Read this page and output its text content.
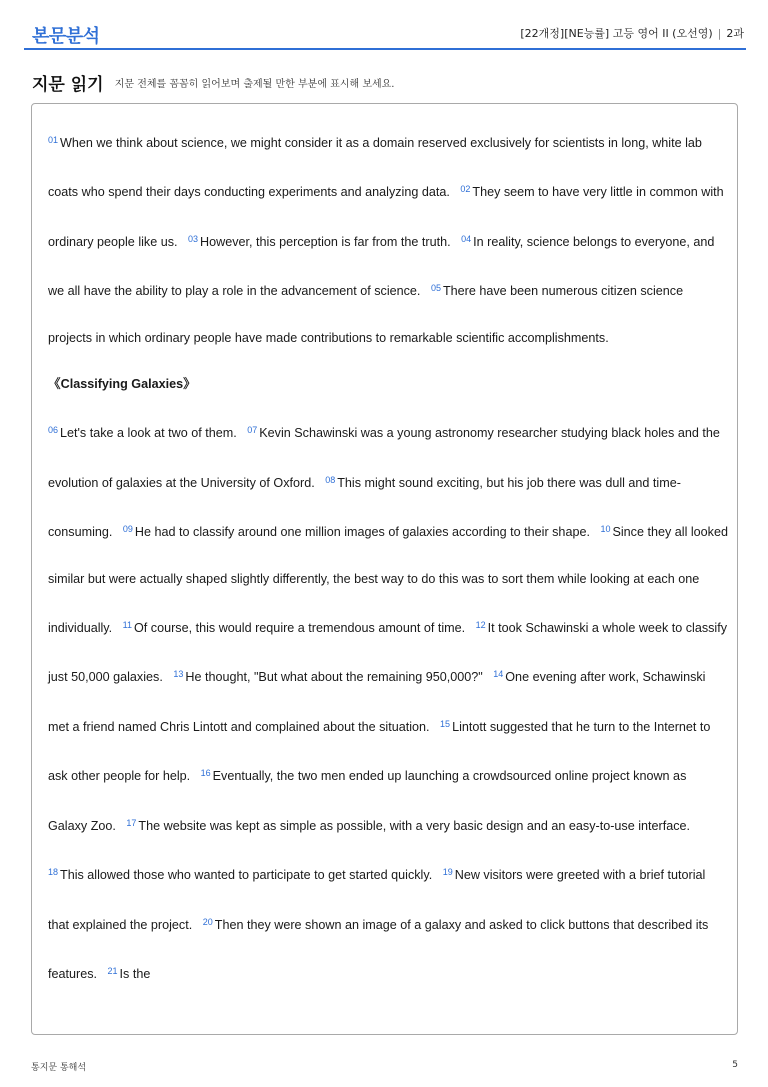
본문분석	[22개정][NE능률] 고등 영어 II (오선영) | 2과
지문 읽기 지문 전체를 꼼꼼히 읽어보며 출제될 만한 부분에 표시해 보세요.
$^{01}$ When we think about science, we might consider it as a domain reserved exclusively for scientists in long, white lab coats who spend their days conducting experiments and analyzing data. $^{02}$ They seem to have very little in common with ordinary people like us. $^{03}$ However, this perception is far from the truth. $^{04}$ In reality, science belongs to everyone, and we all have the ability to play a role in the advancement of science. $^{05}$ There have been numerous citizen science projects in which ordinary people have made contributions to remarkable scientific accomplishments.
《Classifying Galaxies》
$^{06}$ Let's take a look at two of them. $^{07}$ Kevin Schawinski was a young astronomy researcher studying black holes and the evolution of galaxies at the University of Oxford. $^{08}$ This might sound exciting, but his job there was dull and time-consuming. $^{09}$ He had to classify around one million images of galaxies according to their shape. $^{10}$ Since they all looked similar but were actually shaped slightly differently, the best way to do this was to sort them while looking at each one individually. $^{11}$ Of course, this would require a tremendous amount of time. $^{12}$ It took Schawinski a whole week to classify just 50,000 galaxies. $^{13}$ He thought, "But what about the remaining 950,000?" $^{14}$ One evening after work, Schawinski met a friend named Chris Lintott and complained about the situation. $^{15}$ Lintott suggested that he turn to the Internet to ask other people for help. $^{16}$ Eventually, the two men ended up launching a crowdsourced online project known as Galaxy Zoo. $^{17}$ The website was kept as simple as possible, with a very basic design and an easy-to-use interface. $^{18}$ This allowed those who wanted to participate to get started quickly. $^{19}$ New visitors were greeted with a brief tutorial that explained the project. $^{20}$ Then they were shown an image of a galaxy and asked to click buttons that described its features. $^{21}$ Is the
통지문 통해석	5
